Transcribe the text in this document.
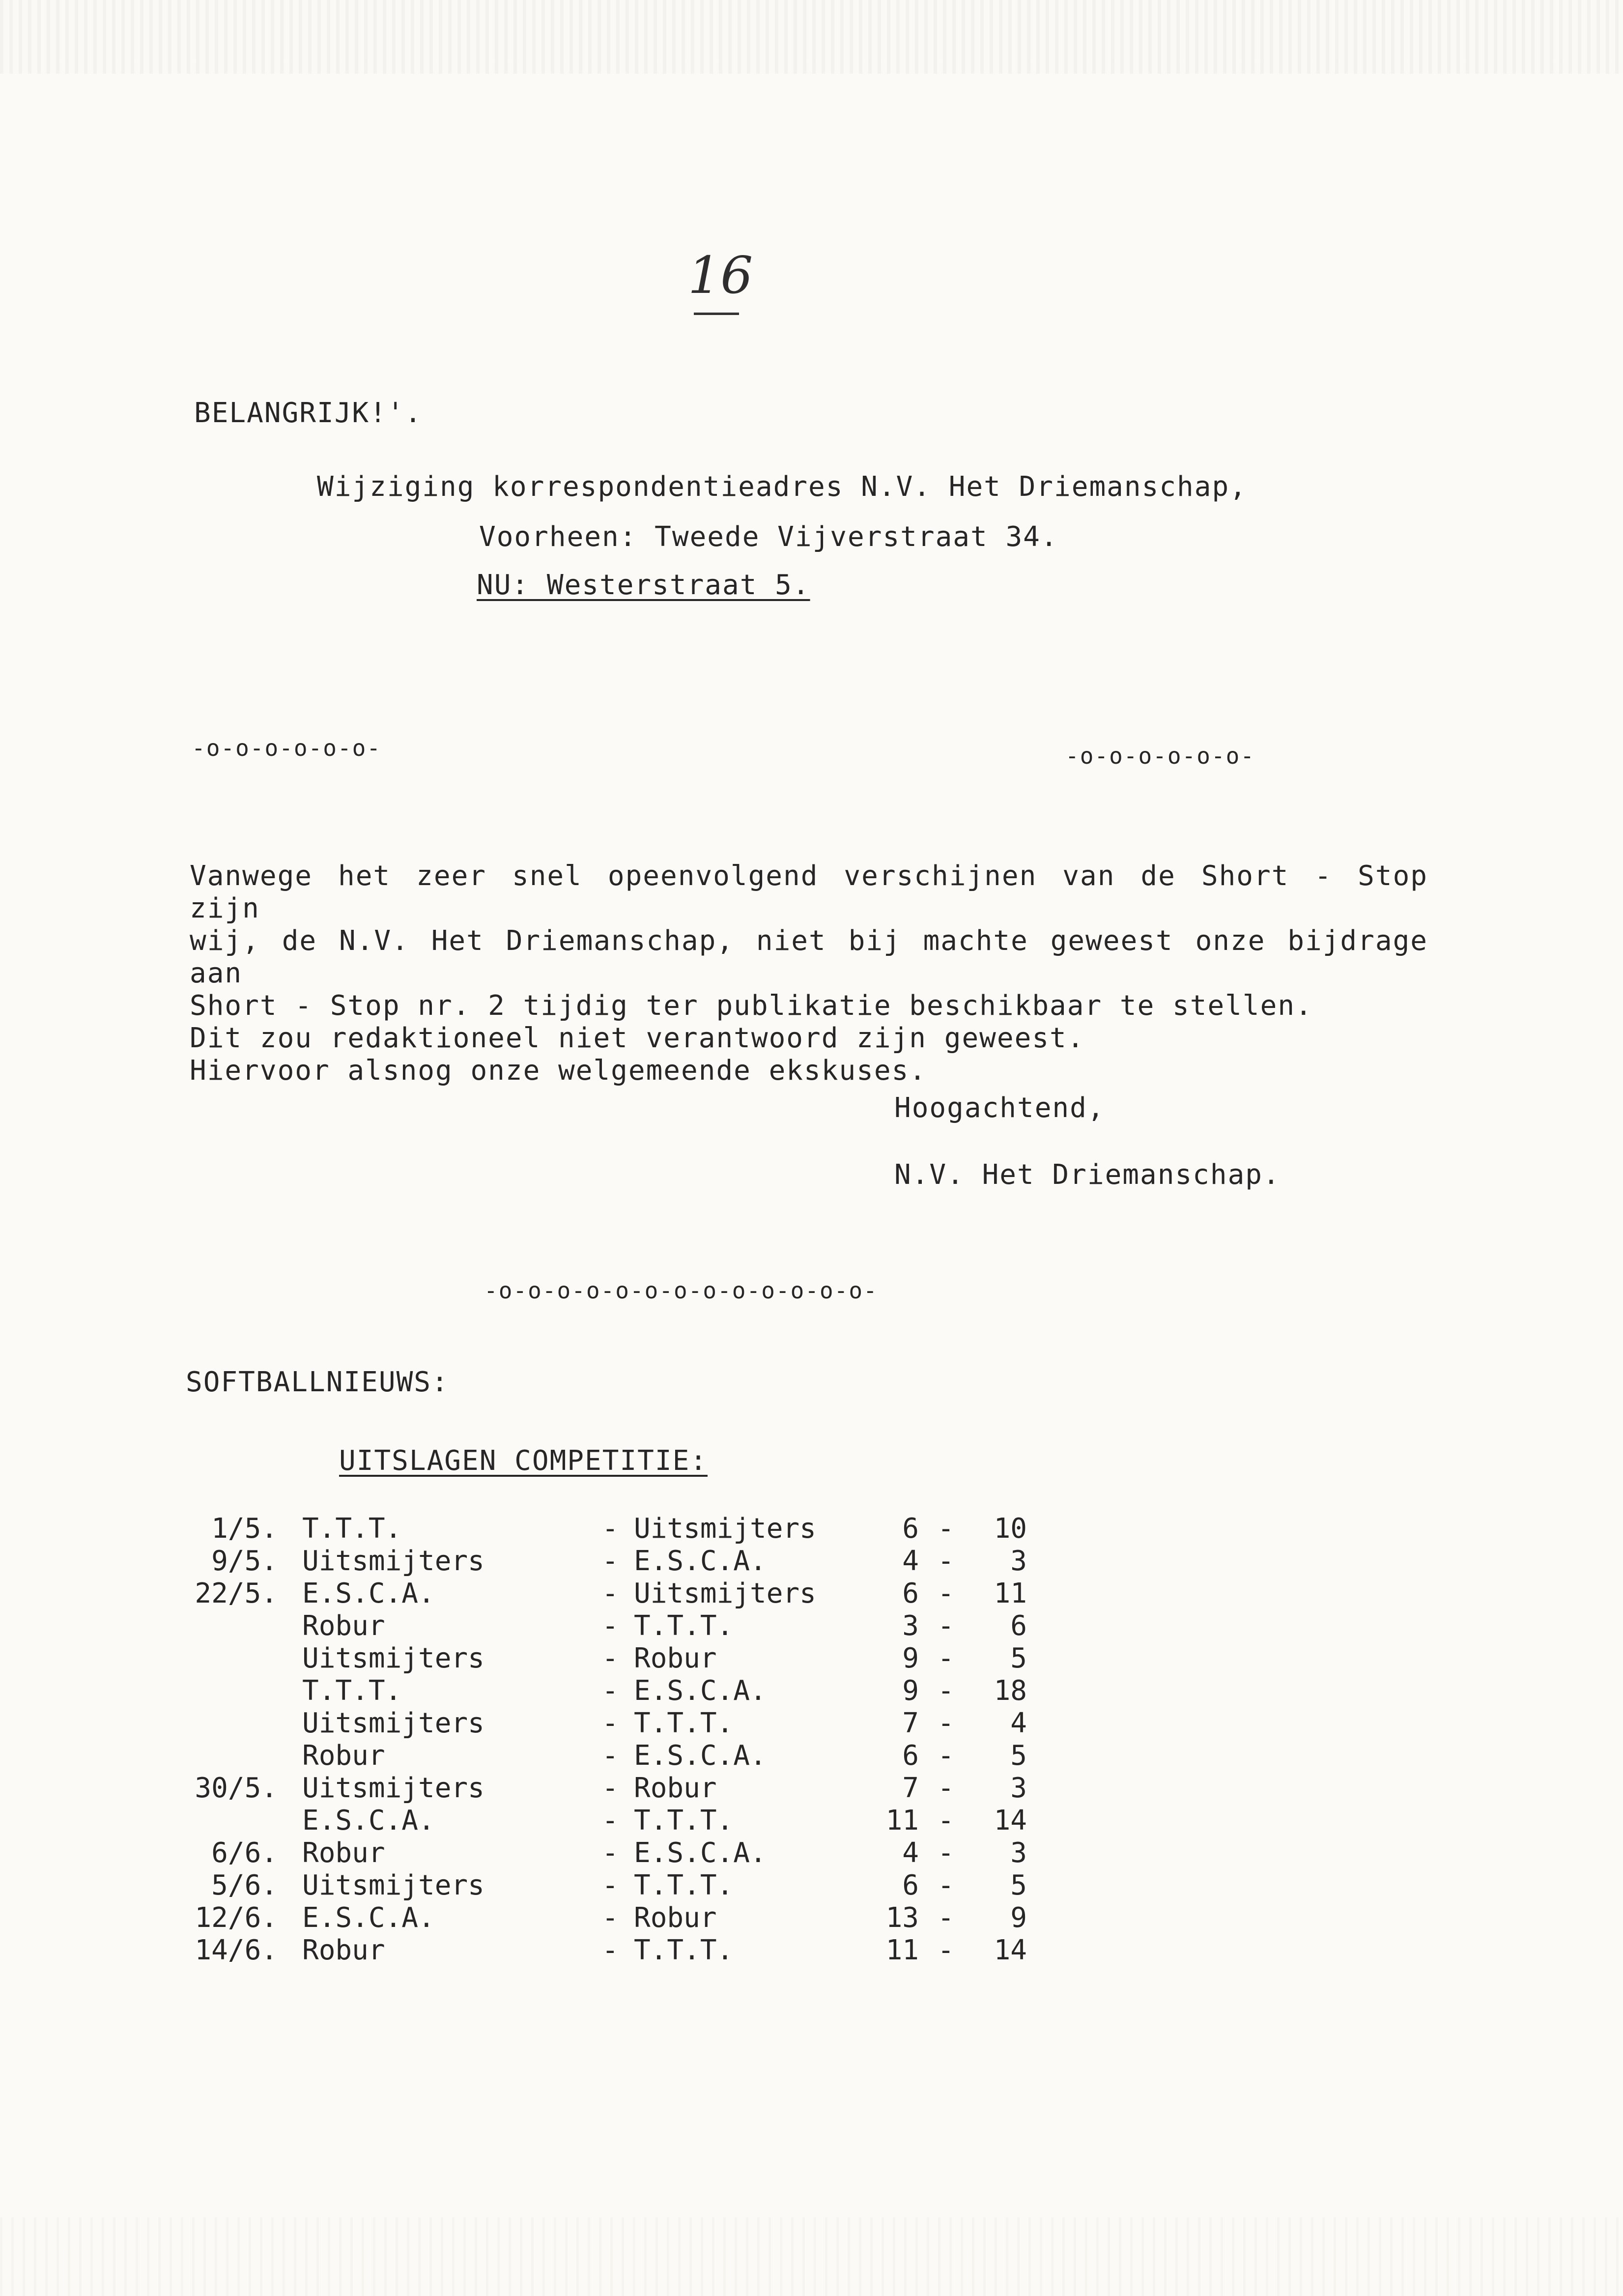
16
BELANGRIJK!'.
Wijziging korrespondentieadres N.V. Het Driemanschap,
Voorheen: Tweede Vijverstraat 34.
NU: Westerstraat 5.
-o-o-o-o-o-o-	-o-o-o-o-o-o-
Vanwege het zeer snel opeenvolgend verschijnen van de Short - Stop zijn
wij, de N.V. Het Driemanschap, niet bij machte geweest onze bijdrage aan
Short - Stop nr. 2 tijdig ter publikatie beschikbaar te stellen.
Dit zou redaktioneel niet verantwoord zijn geweest.
Hiervoor alsnog onze welgemeende ekskuses.
Hoogachtend,
N.V. Het Driemanschap.
-o-o-o-o-o-o-o-o-o-o-o-o-o-
SOFTBALLNIEUWS:
UITSLAGEN COMPETITIE:
1/5.	T.T.T.	-	Uitsmijters	6	-	10
9/5.	Uitsmijters	-	E.S.C.A.	4	-	3
22/5.	E.S.C.A.	-	Uitsmijters	6	-	11
	Robur	-	T.T.T.	3	-	6
	Uitsmijters	-	Robur	9	-	5
	T.T.T.	-	E.S.C.A.	9	-	18
	Uitsmijters	-	T.T.T.	7	-	4
	Robur	-	E.S.C.A.	6	-	5
30/5.	Uitsmijters	-	Robur	7	-	3
	E.S.C.A.	-	T.T.T.	11	-	14
6/6.	Robur	-	E.S.C.A.	4	-	3
5/6.	Uitsmijters	-	T.T.T.	6	-	5
12/6.	E.S.C.A.	-	Robur	13	-	9
14/6.	Robur	-	T.T.T.	11	-	14
